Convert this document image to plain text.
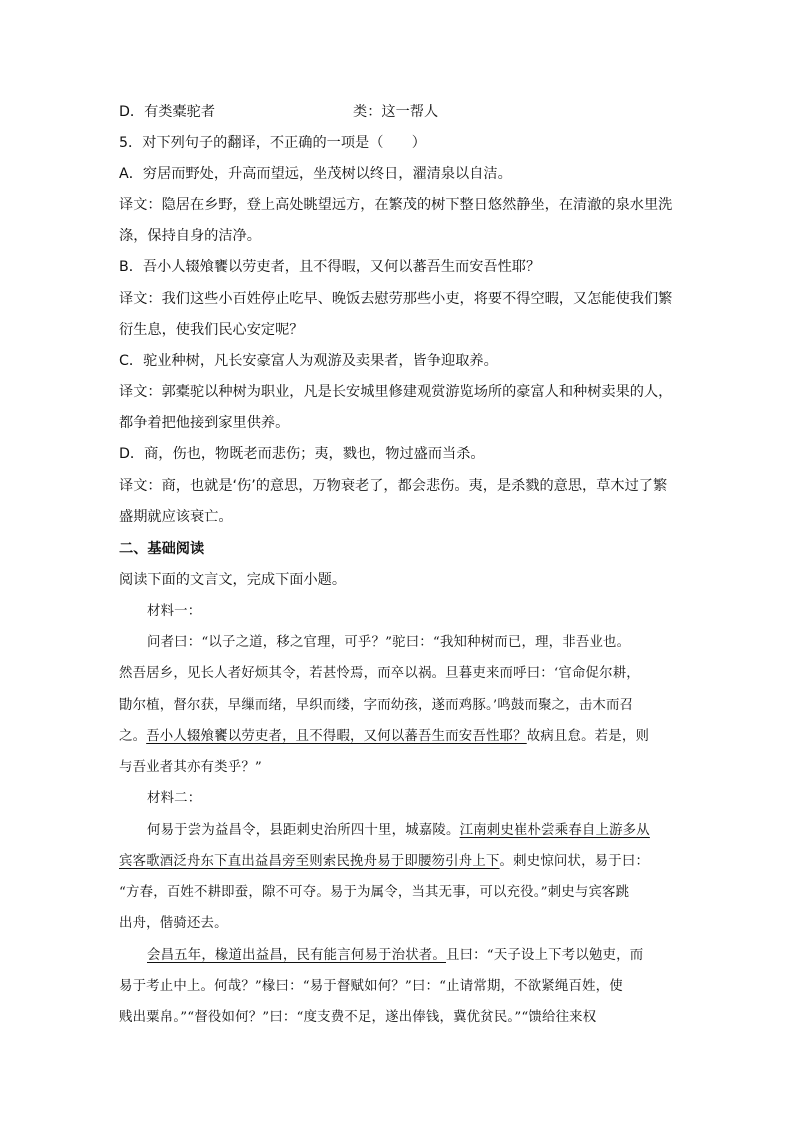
D．有类橐驼者	类：这一帮人
5．对下列句子的翻译，不正确的一项是（　　）
A．穷居而野处，升高而望远，坐茂树以终日，濯清泉以自洁。
译文：隐居在乡野，登上高处眺望远方，在繁茂的树下整日悠然静坐，在清澈的泉水里洗
涤，保持自身的洁净。
B．吾小人辍飧饔以劳吏者，且不得暇，又何以蕃吾生而安吾性耶？
译文：我们这些小百姓停止吃早、晚饭去慰劳那些小吏，将要不得空暇，又怎能使我们繁
衍生息，使我们民心安定呢？
C．驼业种树，凡长安豪富人为观游及卖果者，皆争迎取养。
译文：郭橐驼以种树为职业，凡是长安城里修建观赏游览场所的豪富人和种树卖果的人，
都争着把他接到家里供养。
D．商，伤也，物既老而悲伤；夷，戮也，物过盛而当杀。
译文：商，也就是‘伤’的意思，万物衰老了，都会悲伤。夷，是杀戮的意思，草木过了繁
盛期就应该衰亡。
二、基础阅读
阅读下面的文言文，完成下面小题。
材料一：
问者曰：“以子之道，移之官理，可乎？”驼曰：“我知种树而已，理，非吾业也。
然吾居乡，见长人者好烦其令，若甚怜焉，而卒以祸。旦暮吏来而呼曰：‘官命促尔耕，
勖尔植，督尔获，早缫而绪，早织而缕，字而幼孩，遂而鸡豚。’鸣鼓而聚之，击木而召
之。吾小人辍飧饔以劳吏者，且不得暇，又何以蕃吾生而安吾性耶？故病且怠。若是，则
与吾业者其亦有类乎？”
材料二：
何易于尝为益昌令，县距刺史治所四十里，城嘉陵。江南刺史崔朴尝乘春自上游多从
宾客歌酒泛舟东下直出益昌旁至则索民挽舟易于即腰笏引舟上下。刺史惊问状，易于曰：
“方春，百姓不耕即蚕，隙不可夺。易于为属令，当其无事，可以充役。”刺史与宾客跳
出舟，偕骑还去。
会昌五年，椽道出益昌，民有能言何易于治状者。且曰：“天子设上下考以勉吏，而
易于考止中上。何哉？”椽曰：“易于督赋如何？”曰：“止请常期，不欲紧绳百姓，使
贱出粟帛。”“督役如何？”曰：“度支费不足，遂出俸钱，冀优贫民。”“馈给往来权
